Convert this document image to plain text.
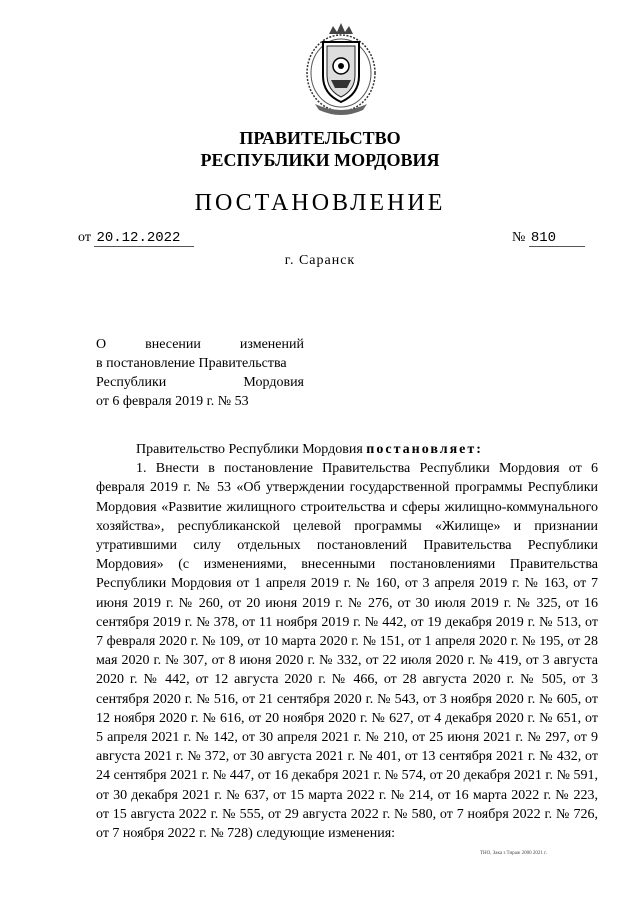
ПРАВИТЕЛЬСТВО
РЕСПУБЛИКИ МОРДОВИЯ
ПОСТАНОВЛЕНИЕ
от 20.12.2022	№ 810
г. Саранск
О внесении изменений
в постановление Правительства
Республики Мордовия
от 6 февраля 2019 г. № 53

Правительство Республики Мордовия постановляет:

1. Внести в постановление Правительства Республики Мордовия от 6 февраля 2019 г. № 53 «Об утверждении государственной программы Республики Мордовия «Развитие жилищного строительства и сферы жилищно-коммунального хозяйства», республиканской целевой программы «Жилище» и признании утратившими силу отдельных постановлений Правительства Республики Мордовия» (с изменениями, внесенными постановлениями Правительства Республики Мордовия от 1 апреля 2019 г. № 160, от 3 апреля 2019 г. № 163, от 7 июня 2019 г. № 260, от 20 июня 2019 г. № 276, от 30 июля 2019 г. № 325, от 16 сентября 2019 г. № 378, от 11 ноября 2019 г. № 442, от 19 декабря 2019 г. № 513, от 7 февраля 2020 г. № 109, от 10 марта 2020 г. № 151, от 1 апреля 2020 г. № 195, от 28 мая 2020 г. № 307, от 8 июня 2020 г. № 332, от 22 июля 2020 г. № 419, от 3 августа 2020 г. № 442, от 12 августа 2020 г. № 466, от 28 августа 2020 г. № 505, от 3 сентября 2020 г. № 516, от 21 сентября 2020 г. № 543, от 3 ноября 2020 г. № 605, от 12 ноября 2020 г. № 616, от 20 ноября 2020 г. № 627, от 4 декабря 2020 г. № 651, от 5 апреля 2021 г. № 142, от 30 апреля 2021 г. № 210, от 25 июня 2021 г. № 297, от 9 августа 2021 г. № 372, от 30 августа 2021 г. № 401, от 13 сентября 2021 г. № 432, от 24 сентября 2021 г. № 447, от 16 декабря 2021 г. № 574, от 20 декабря 2021 г. № 591, от 30 декабря 2021 г. № 637, от 15 марта 2022 г. № 214, от 16 марта 2022 г. № 223, от 15 августа 2022 г. № 555, от 29 августа 2022 г. № 580, от 7 ноября 2022 г. № 726, от 7 ноября 2022 г. № 728) следующие изменения:

ТНО, Зака з Тираж 2000 2021 г.
